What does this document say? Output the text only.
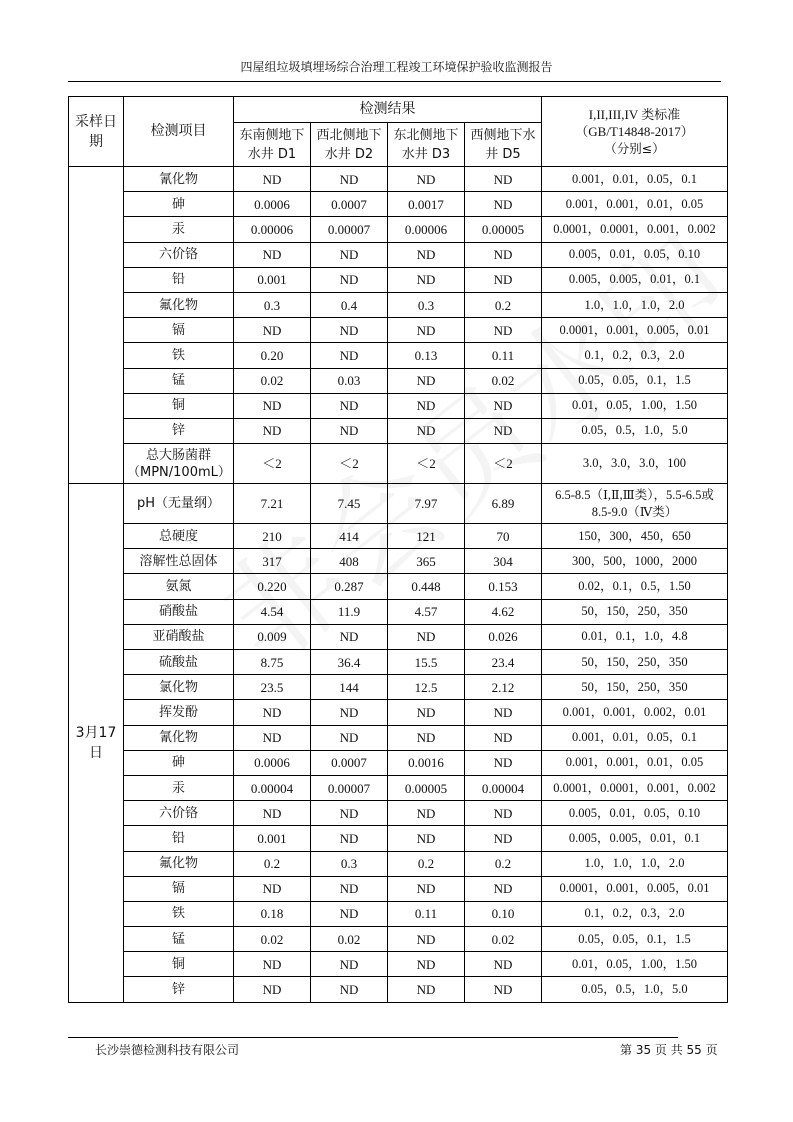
四屋组垃圾填埋场综合治理工程竣工环境保护验收监测报告
采样日期	检测项目	检测结果				I,II,III,IV 类标准
（GB/T14848-2017）
（分别≤）

		东南侧地下水井 D1	西北侧地下水井 D2	东北侧地下水井 D3	西侧地下水井 D5	
	氰化物	ND	ND	ND	ND	0.001，0.01，0.05，0.1
	砷	0.0006	0.0007	0.0017	ND	0.001，0.001，0.01，0.05
	汞	0.00006	0.00007	0.00006	0.00005	0.0001，0.0001，0.001，0.002
	六价铬	ND	ND	ND	ND	0.005，0.01，0.05，0.10
	铅	0.001	ND	ND	ND	0.005，0.005，0.01，0.1
	氟化物	0.3	0.4	0.3	0.2	1.0，1.0，1.0，2.0
	镉	ND	ND	ND	ND	0.0001，0.001，0.005，0.01
	铁	0.20	ND	0.13	0.11	0.1，0.2，0.3，2.0
	锰	0.02	0.03	ND	0.02	0.05，0.05，0.1，1.5
	铜	ND	ND	ND	ND	0.01，0.05，1.00，1.50
	锌	ND	ND	ND	ND	0.05，0.5，1.0，5.0
	总大肠菌群（MPN/100mL）	＜2	＜2	＜2	＜2	3.0，3.0，3.0，100
3月17日	pH（无量纲）	7.21	7.45	7.97	6.89	6.5-8.5（Ⅰ,Ⅱ,Ⅲ类），5.5-6.5或 8.5-9.0（Ⅳ类）
	总硬度	210	414	121	70	150，300，450，650
	溶解性总固体	317	408	365	304	300，500，1000，2000
	氨氮	0.220	0.287	0.448	0.153	0.02，0.1，0.5，1.50
	硝酸盐	4.54	11.9	4.57	4.62	50，150，250，350
	亚硝酸盐	0.009	ND	ND	0.026	0.01，0.1，1.0，4.8
	硫酸盐	8.75	36.4	15.5	23.4	50，150，250，350
	氯化物	23.5	144	12.5	2.12	50，150，250，350
	挥发酚	ND	ND	ND	ND	0.001，0.001，0.002，0.01
	氰化物	ND	ND	ND	ND	0.001，0.01，0.05，0.1
	砷	0.0006	0.0007	0.0016	ND	0.001，0.001，0.01，0.05
	汞	0.00004	0.00007	0.00005	0.00004	0.0001，0.0001，0.001，0.002
	六价铬	ND	ND	ND	ND	0.005，0.01，0.05，0.10
	铅	0.001	ND	ND	ND	0.005，0.005，0.01，0.1
	氟化物	0.2	0.3	0.2	0.2	1.0，1.0，1.0，2.0
	镉	ND	ND	ND	ND	0.0001，0.001，0.005，0.01
	铁	0.18	ND	0.11	0.10	0.1，0.2，0.3，2.0
	锰	0.02	0.02	ND	0.02	0.05，0.05，0.1，1.5
	铜	ND	ND	ND	ND	0.01，0.05，1.00，1.50
	锌	ND	ND	ND	ND	0.05，0.5，1.0，5.0
长沙崇德检测科技有限公司	第 35 页 共 55 页
